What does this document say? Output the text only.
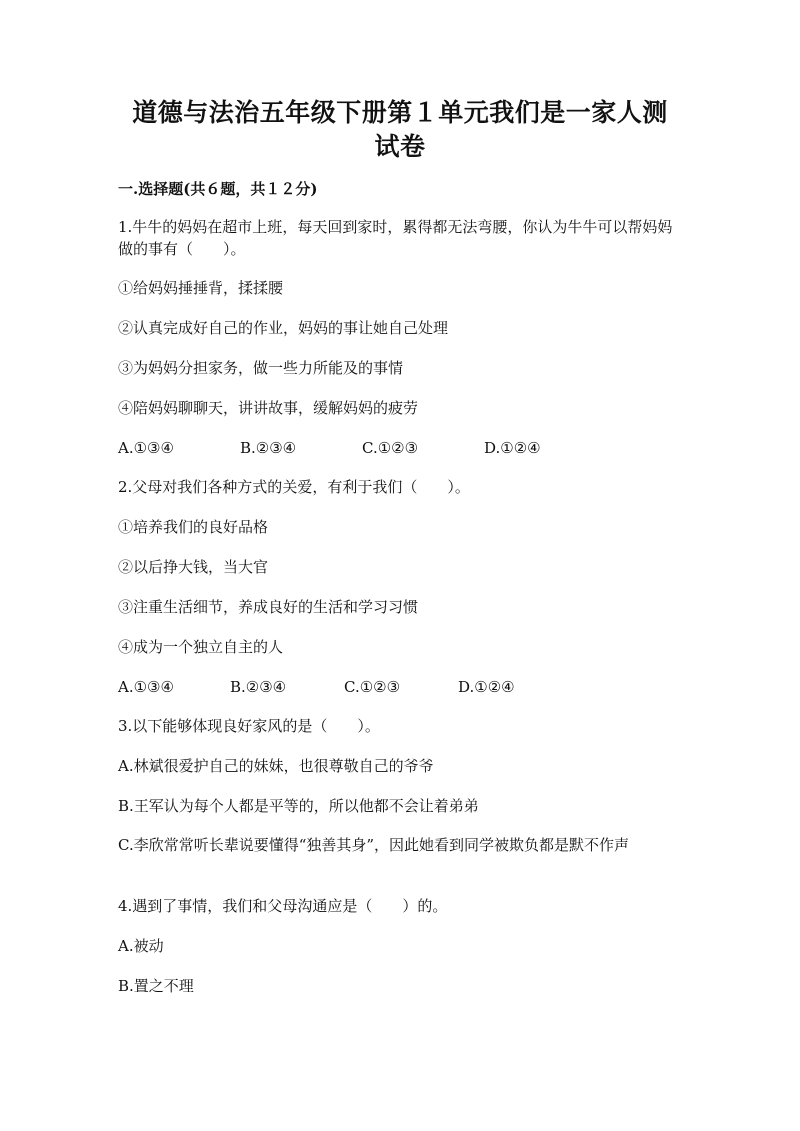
道德与法治五年级下册第１单元我们是一家人测试卷
一.选择题(共６题，共１２分)
1.牛牛的妈妈在超市上班，每天回到家时，累得都无法弯腰，你认为牛牛可以帮妈妈做的事有（　　）。
①给妈妈捶捶背，揉揉腰
②认真完成好自己的作业，妈妈的事让她自己处理
③为妈妈分担家务，做一些力所能及的事情
④陪妈妈聊聊天，讲讲故事，缓解妈妈的疲劳
A.①③④	B.②③④	C.①②③	D.①②④
2.父母对我们各种方式的关爱，有利于我们（　　）。
①培养我们的良好品格
②以后挣大钱，当大官
③注重生活细节，养成良好的生活和学习习惯
④成为一个独立自主的人
A.①③④	B.②③④	C.①②③	D.①②④
3.以下能够体现良好家风的是（　　）。
A.林斌很爱护自己的妹妹，也很尊敬自己的爷爷
B.王军认为每个人都是平等的，所以他都不会让着弟弟
C.李欣常常听长辈说要懂得“独善其身”，因此她看到同学被欺负都是默不作声
4.遇到了事情，我们和父母沟通应是（　　）的。
A.被动
B.置之不理
